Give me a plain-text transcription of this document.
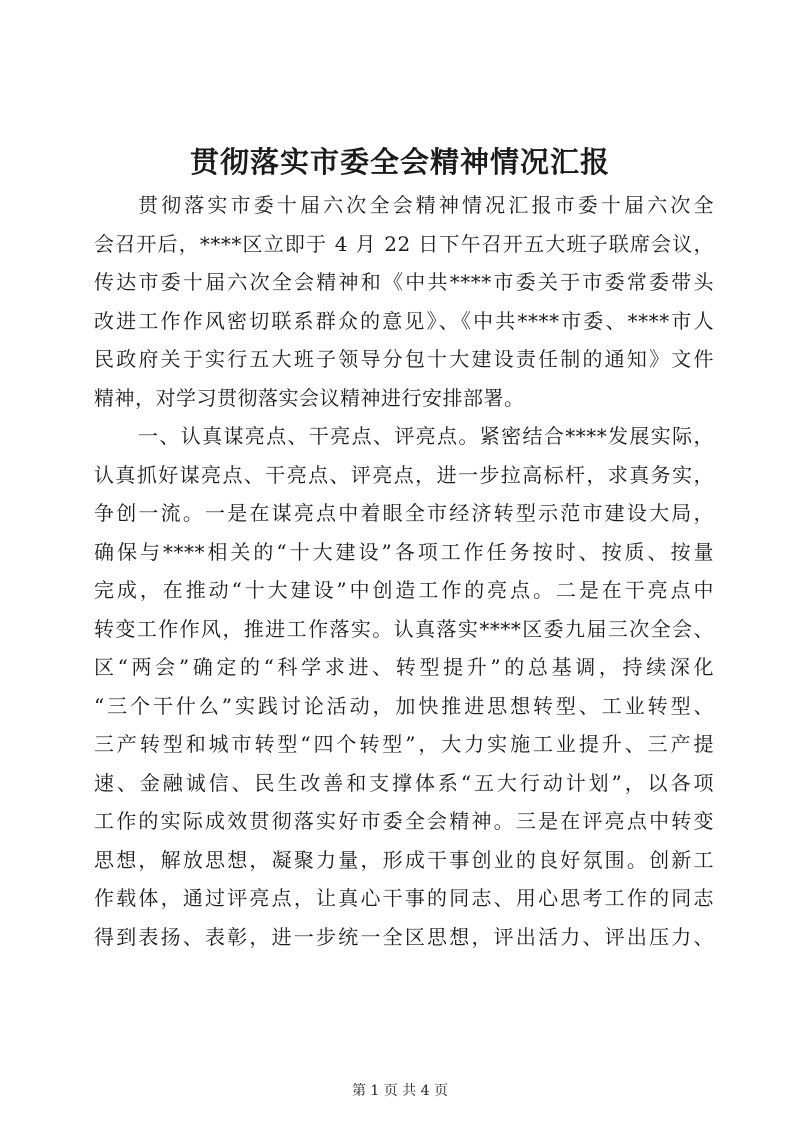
贯彻落实市委全会精神情况汇报
贯彻落实市委十届六次全会精神情况汇报市委十届六次全
会召开后，****区立即于 4 月 22 日下午召开五大班子联席会议，
传达市委十届六次全会精神和《中共****市委关于市委常委带头
改进工作作风密切联系群众的意见》、《中共****市委、****市人
民政府关于实行五大班子领导分包十大建设责任制的通知》文件
精神，对学习贯彻落实会议精神进行安排部署。
一、认真谋亮点、干亮点、评亮点。紧密结合****发展实际，
认真抓好谋亮点、干亮点、评亮点，进一步拉高标杆，求真务实，
争创一流。一是在谋亮点中着眼全市经济转型示范市建设大局，
确保与****相关的“十大建设”各项工作任务按时、按质、按量
完成，在推动“十大建设”中创造工作的亮点。二是在干亮点中
转变工作作风，推进工作落实。认真落实****区委九届三次全会、
区“两会”确定的“科学求进、转型提升”的总基调，持续深化
“三个干什么”实践讨论活动，加快推进思想转型、工业转型、
三产转型和城市转型“四个转型”，大力实施工业提升、三产提
速、金融诚信、民生改善和支撑体系“五大行动计划”，以各项
工作的实际成效贯彻落实好市委全会精神。三是在评亮点中转变
思想，解放思想，凝聚力量，形成干事创业的良好氛围。创新工
作载体，通过评亮点，让真心干事的同志、用心思考工作的同志
得到表扬、表彰，进一步统一全区思想，评出活力、评出压力、
第 1 页 共 4 页
